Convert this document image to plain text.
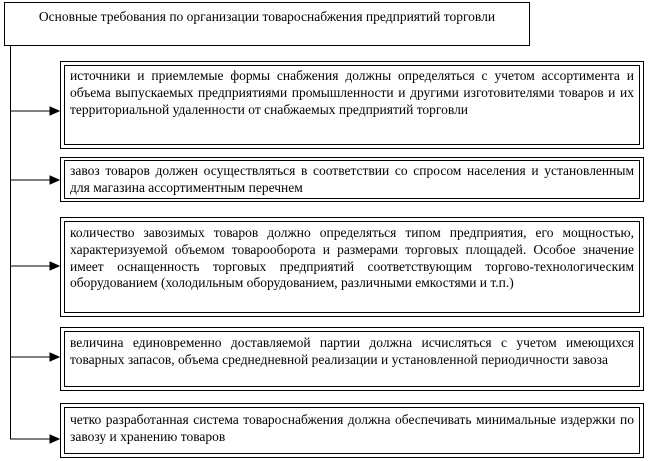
Основные требования по организации товароснабжения предприятий торговли
источники и приемлемые формы снабжения должны определяться с учетом ассортимента и объема выпускаемых предприятиями промышленности и другими изготовителями товаров и их территориальной удаленности от снабжаемых предприятий торговли
завоз товаров должен осуществляться в соответствии со спросом населения и установленным для магазина ассортиментным перечнем
количество завозимых товаров должно определяться типом предприятия, его мощностью, характеризуемой объемом товарооборота и размерами торговых площадей. Особое значение имеет оснащенность торговых предприятий соответствующим торгово-технологическим оборудованием (холодильным оборудованием, различными емкостями и т.п.)
величина единовременно доставляемой партии должна исчисляться с учетом имеющихся товарных запасов, объема среднедневной реализации и установленной периодичности завоза
четко разработанная система товароснабжения должна обеспечивать минимальные издержки по завозу и хранению товаров
